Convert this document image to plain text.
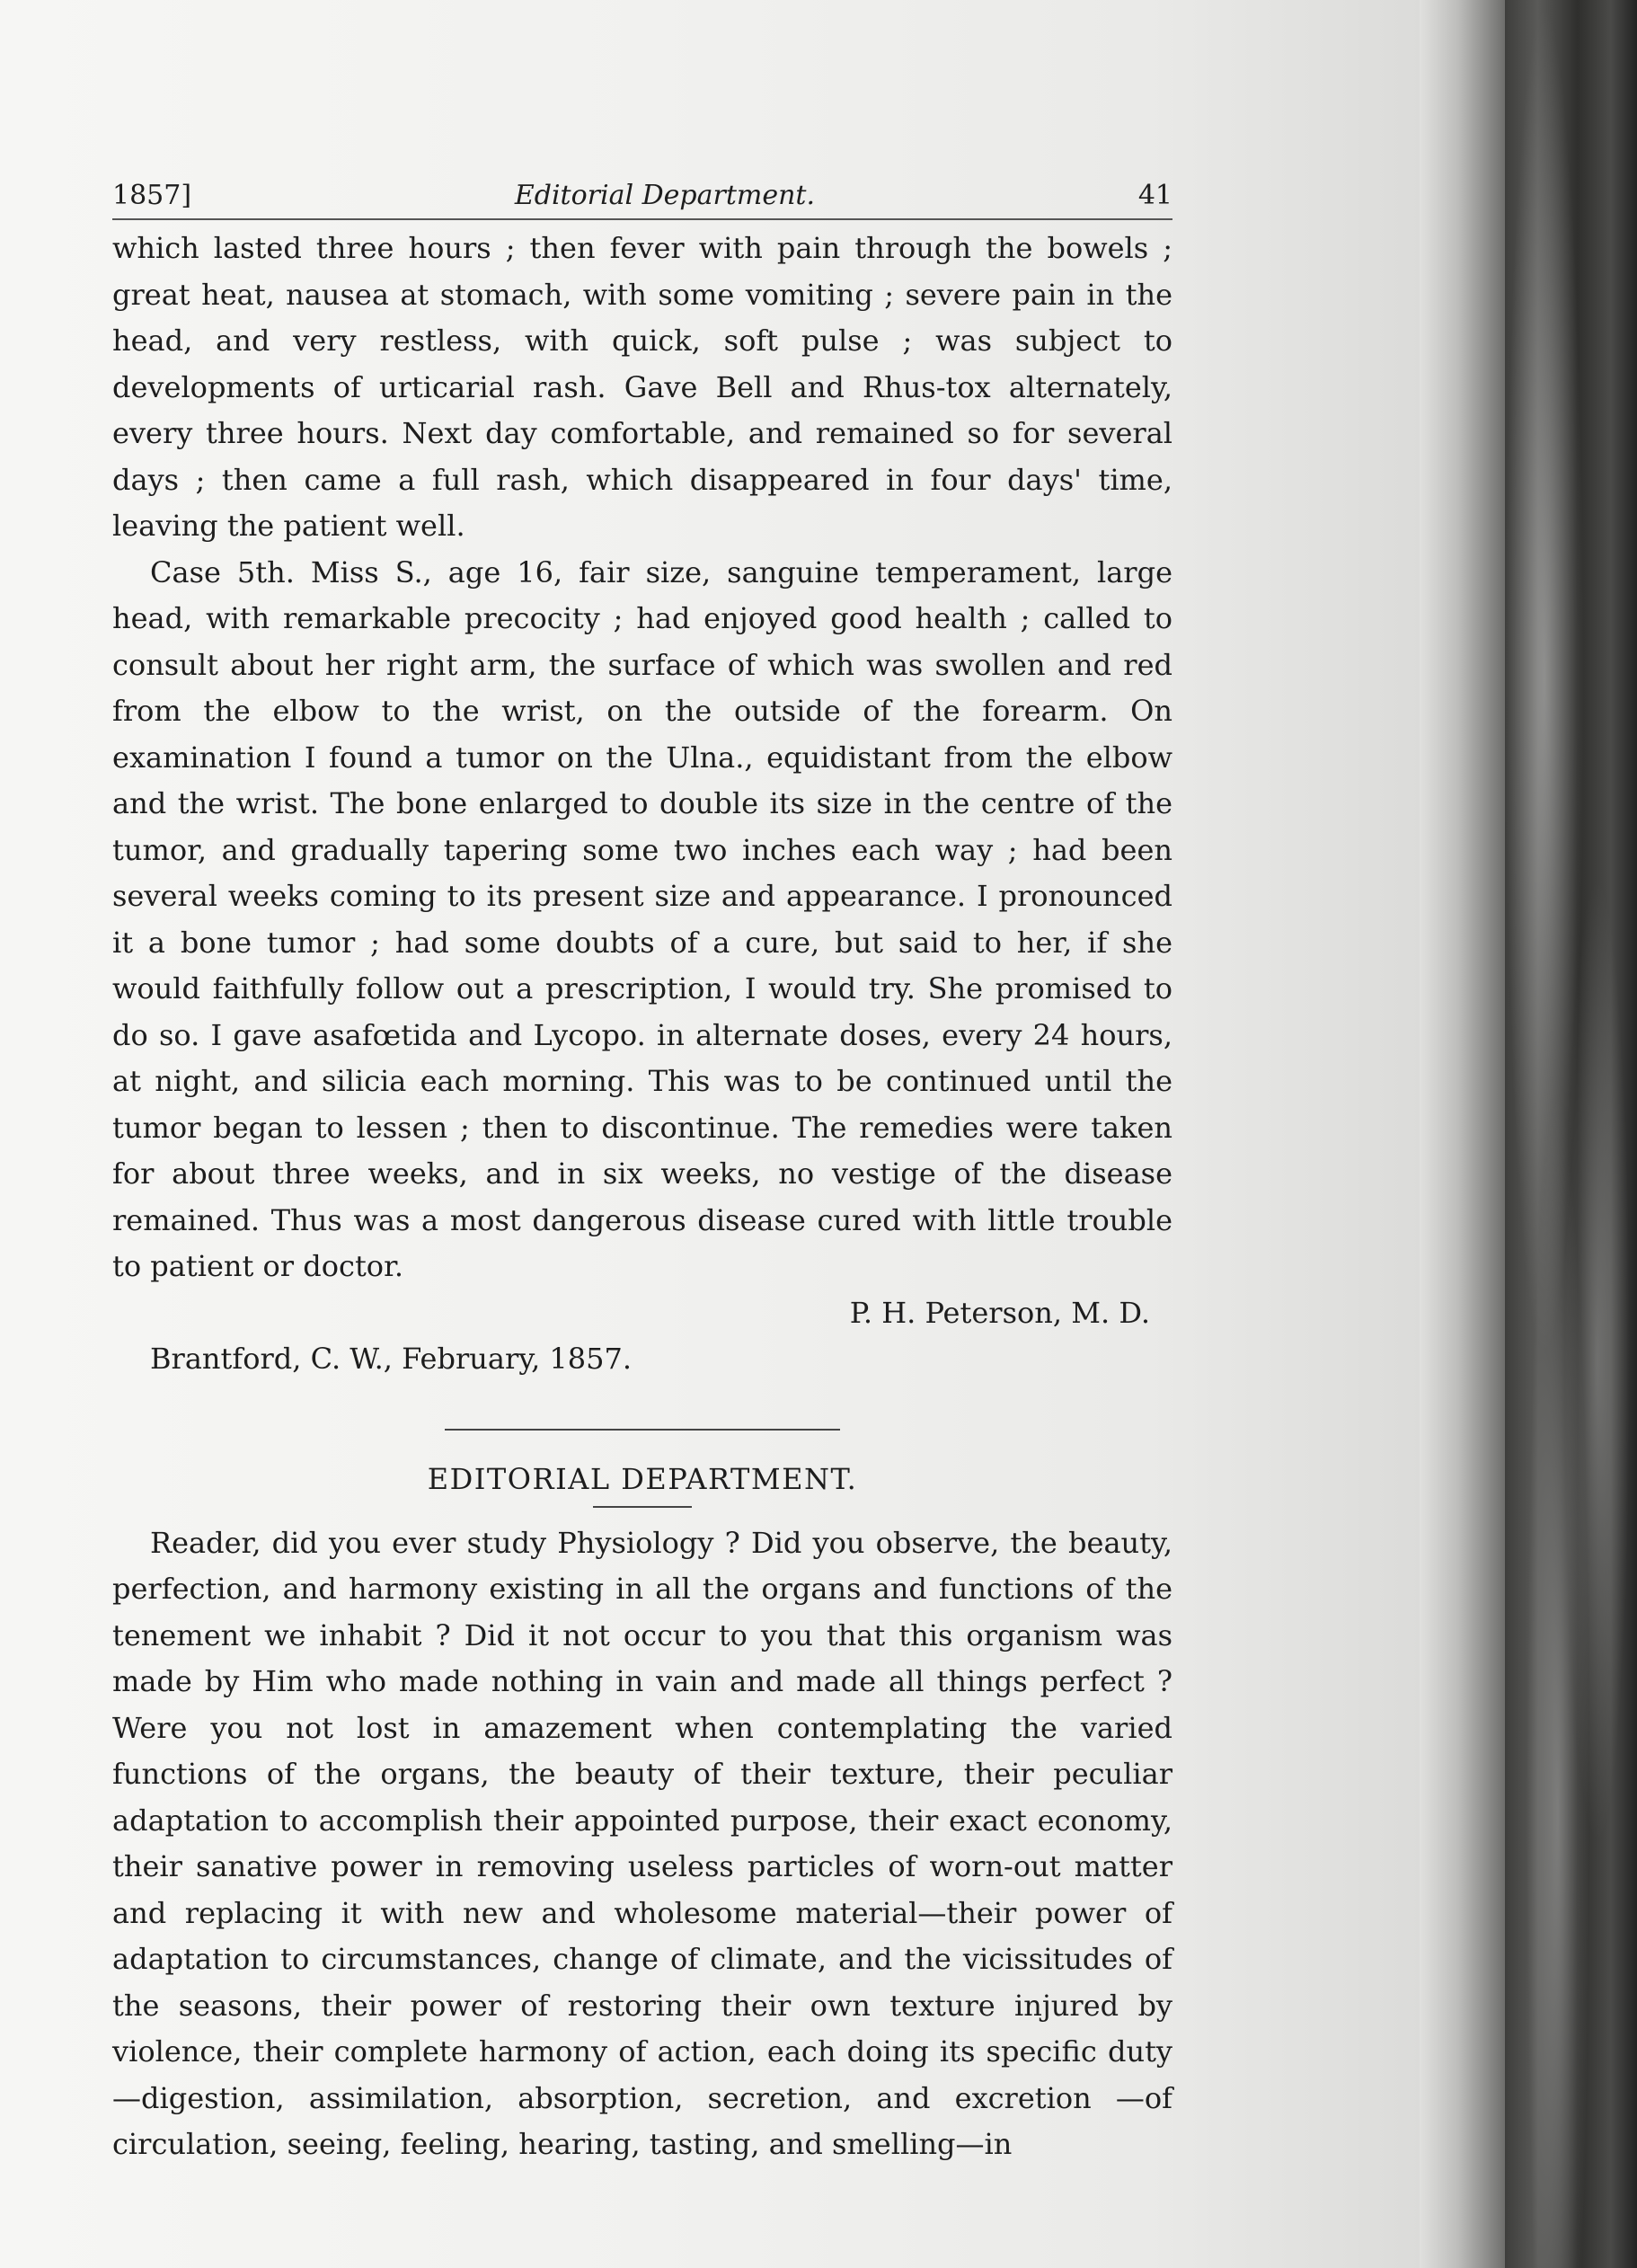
1857]	Editorial Department.	41

which lasted three hours ; then fever with pain through the bowels ; great heat, nausea at stomach, with some vomiting ; severe pain in the head, and very restless, with quick, soft pulse ; was subject to developments of urticarial rash. Gave Bell and Rhus-tox alternately, every three hours. Next day comfortable, and remained so for several days ; then came a full rash, which disappeared in four days' time, leaving the patient well.

Case 5th. Miss S., age 16, fair size, sanguine temperament, large head, with remarkable precocity ; had enjoyed good health ; called to consult about her right arm, the surface of which was swollen and red from the elbow to the wrist, on the outside of the forearm. On examination I found a tumor on the Ulna., equidistant from the elbow and the wrist. The bone enlarged to double its size in the centre of the tumor, and gradually tapering some two inches each way ; had been several weeks coming to its present size and appearance. I pronounced it a bone tumor ; had some doubts of a cure, but said to her, if she would faithfully follow out a prescription, I would try. She promised to do so. I gave asafœtida and Lycopo. in alternate doses, every 24 hours, at night, and silicia each morning. This was to be continued until the tumor began to lessen ; then to discontinue. The remedies were taken for about three weeks, and in six weeks, no vestige of the disease remained. Thus was a most dangerous disease cured with little trouble to patient or doctor.

P. H. Peterson, M. D.

Brantford, C. W., February, 1857.

EDITORIAL DEPARTMENT.

Reader, did you ever study Physiology ? Did you observe, the beauty, perfection, and harmony existing in all the organs and functions of the tenement we inhabit ? Did it not occur to you that this organism was made by Him who made nothing in vain and made all things perfect ? Were you not lost in amazement when contemplating the varied functions of the organs, the beauty of their texture, their peculiar adaptation to accomplish their appointed purpose, their exact economy, their sanative power in removing useless particles of worn-out matter and replacing it with new and wholesome material—their power of adaptation to circumstances, change of climate, and the vicissitudes of the seasons, their power of restoring their own texture injured by violence, their complete harmony of action, each doing its specific duty—digestion, assimilation, absorption, secretion, and excretion —of circulation, seeing, feeling, hearing, tasting, and smelling—in
